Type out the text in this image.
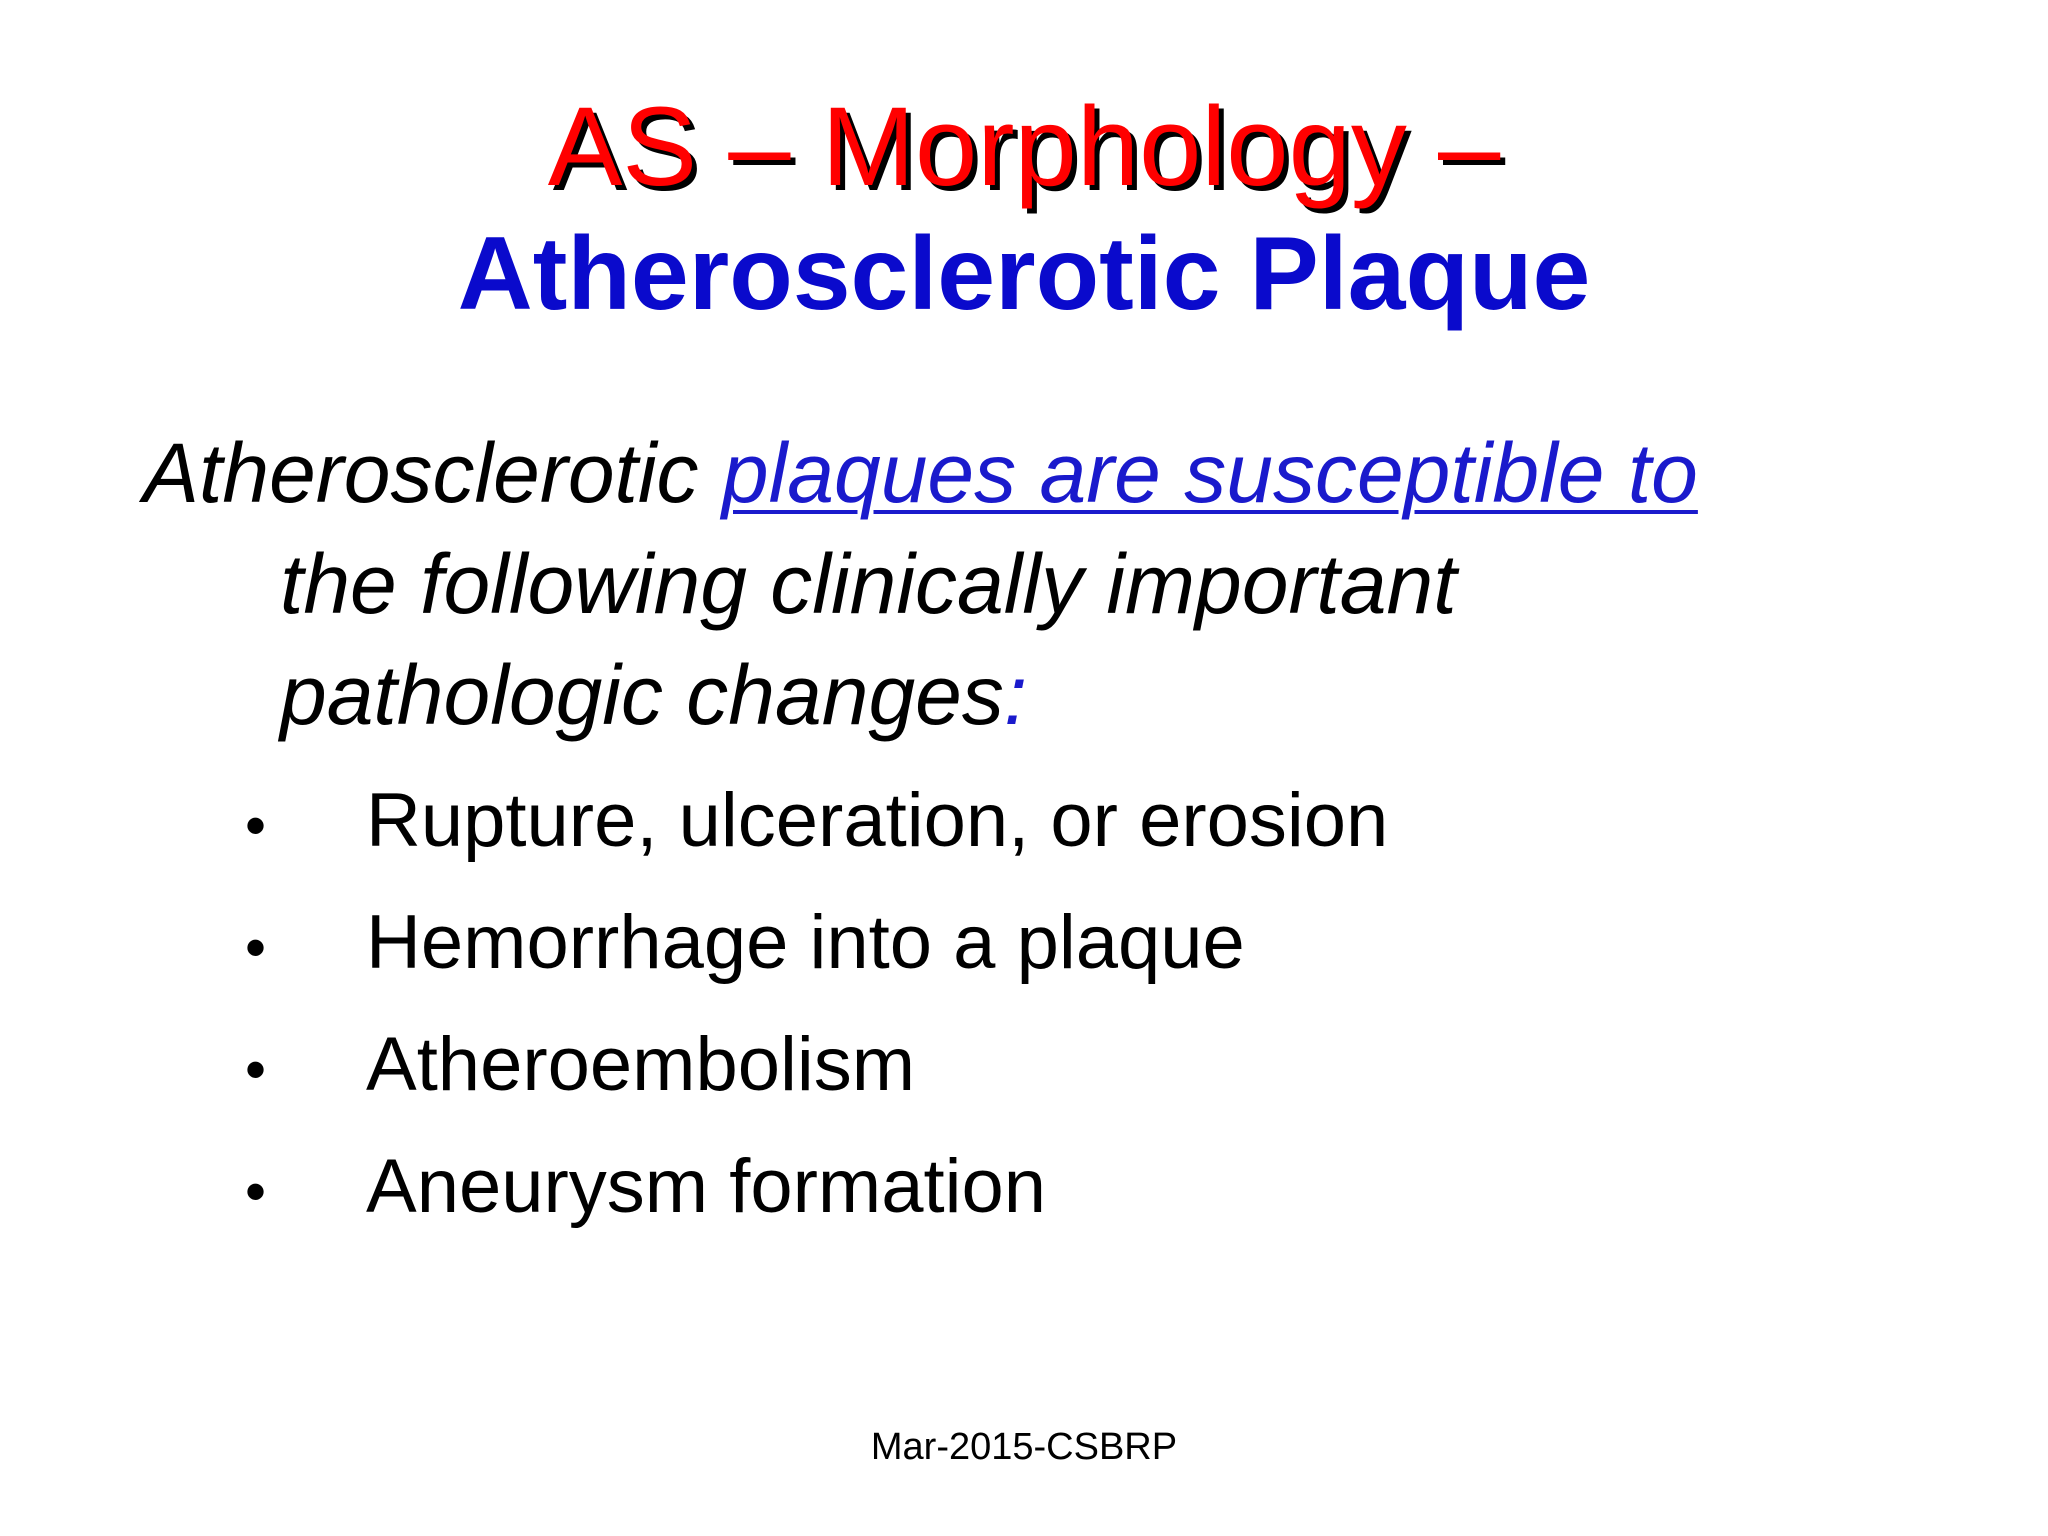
AS – Morphology –
Atherosclerotic Plaque
Atherosclerotic plaques are susceptible to
the following clinically important
pathologic changes:
•	Rupture, ulceration, or erosion
•	Hemorrhage into a plaque
•	Atheroembolism
•	Aneurysm formation
Mar-2015-CSBRP
